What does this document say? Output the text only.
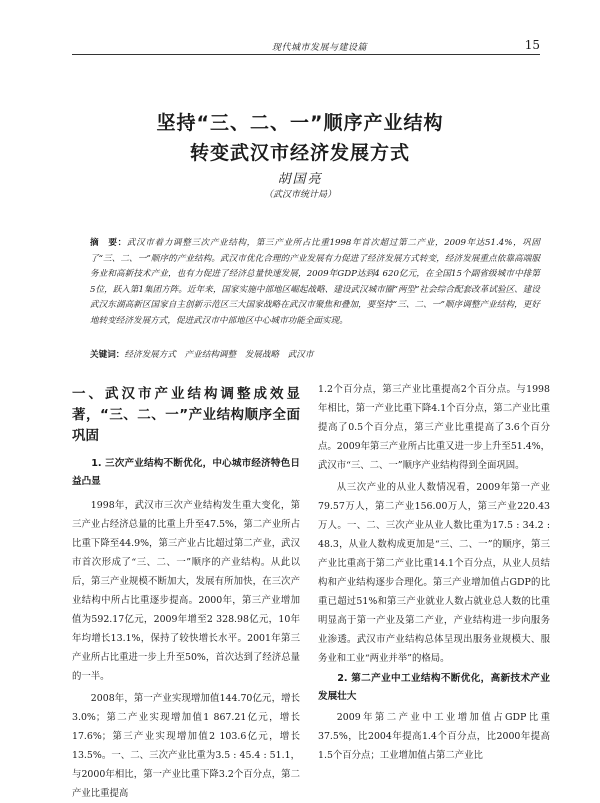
现代城市发展与建设篇	15
坚持“三、二、一”顺序产业结构
转变武汉市经济发展方式
胡国亮
（武汉市统计局）
摘　要：武汉市着力调整三次产业结构，第三产业所占比重1998年首次超过第二产业，2009年达51.4%，巩固了“三、二、一”顺序的产业结构。武汉市优化合理的产业发展有力促进了经济发展方式转变，经济发展重点依靠高端服务业和高新技术产业，也有力促进了经济总量快速发展，2009年GDP达到4 620亿元，在全国15个副省级城市中排第5位，跃入第1集团方阵。近年来，国家实施中部地区崛起战略、建设武汉城市圈“两型”社会综合配套改革试验区、建设武汉东湖高新区国家自主创新示范区三大国家战略在武汉市聚焦和叠加，要坚持“三、二、一”顺序调整产业结构，更好地转变经济发展方式，促进武汉市中部地区中心城市功能全面实现。
关键词：经济发展方式　产业结构调整　发展战略　武汉市
一、武汉市产业结构调整成效显著，“三、二、一”产业结构顺序全面巩固

1. 三次产业结构不断优化，中心城市经济特色日益凸显

1998年，武汉市三次产业结构发生重大变化，第三产业占经济总量的比重上升至47.5%，第二产业所占比重下降至44.9%，第三产业占比超过第二产业，武汉市首次形成了“三、二、一”顺序的产业结构。从此以后，第三产业规模不断加大，发展有所加快，在三次产业结构中所占比重逐步提高。2000年，第三产业增加值为592.17亿元，2009年增至2 328.98亿元，10年年均增长13.1%，保持了较快增长水平。2001年第三产业所占比重进一步上升至50%，首次达到了经济总量的一半。

2008年，第一产业实现增加值144.70亿元，增长3.0%；第二产业实现增加值1 867.21亿元，增长17.6%；第三产业实现增加值2 103.6亿元，增长13.5%。一、二、三次产业比重为3.5 : 45.4 : 51.1，与2000年相比，第一产业比重下降3.2个百分点，第二产业比重提高

1.2个百分点，第三产业比重提高2个百分点。与1998年相比，第一产业比重下降4.1个百分点，第二产业比重提高了0.5个百分点，第三产业比重提高了3.6个百分点。2009年第三产业所占比重又进一步上升至51.4%，武汉市“三、二、一”顺序产业结构得到全面巩固。

从三次产业的从业人数情况看，2009年第一产业79.57万人，第二产业156.00万人，第三产业220.43万人。一、二、三次产业从业人数比重为17.5 : 34.2 : 48.3，从业人数构成更加是“三、二、一”的顺序，第三产业比重高于第二产业比重14.1个百分点，从业人员结构和产业结构逐步合理化。第三产业增加值占GDP的比重已超过51%和第三产业就业人数占就业总人数的比重明显高于第一产业及第二产业，产业结构进一步向服务业渗透。武汉市产业结构总体呈现出服务业规模大、服务业和工业“两业并举”的格局。

2. 第二产业中工业结构不断优化，高新技术产业发展壮大

2009年第二产业中工业增加值占GDP比重37.5%，比2004年提高1.4个百分点，比2000年提高1.5个百分点；工业增加值占第二产业比
